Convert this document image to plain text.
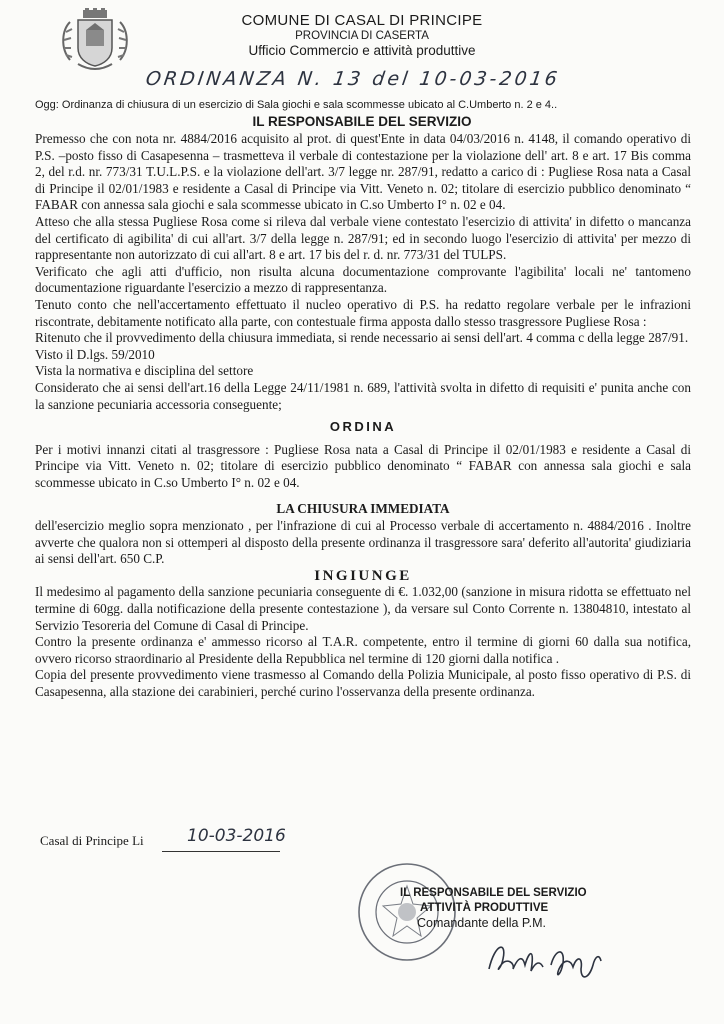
COMUNE DI CASAL DI PRINCIPE
PROVINCIA DI CASERTA
Ufficio Commercio e attività produttive
ORDINANZA N. 13 del 10-03-2016
Ogg: Ordinanza di chiusura di un esercizio di Sala giochi e sala scommesse ubicato al C.Umberto n. 2 e 4..
IL RESPONSABILE DEL SERVIZIO

Premesso che con nota nr. 4884/2016 acquisito al prot. di quest'Ente in data 04/03/2016 n. 4148, il comando operativo di P.S. –posto fisso di Casapesenna – trasmetteva il verbale di contestazione per la violazione dell' art. 8 e art. 17 Bis comma 2, del r.d. nr. 773/31 T.U.L.P.S. e la violazione dell'art. 3/7 legge nr. 287/91, redatto a carico di : Pugliese Rosa nata a Casal di Principe il 02/01/1983 e residente a Casal di Principe via Vitt. Veneto n. 02; titolare di esercizio pubblico denominato “ FABAR con annessa sala giochi e sala scommesse ubicato in C.so Umberto I° n. 02 e 04.

Atteso che alla stessa Pugliese Rosa come si rileva dal verbale viene contestato l'esercizio di attivita' in difetto o mancanza del certificato di agibilita' di cui all'art. 3/7 della legge n. 287/91; ed in secondo luogo l'esercizio di attivita' per mezzo di rappresentante non autorizzato di cui all'art. 8 e art. 17 bis del r. d. nr. 773/31 del TULPS.

Verificato che agli atti d'ufficio, non risulta alcuna documentazione comprovante l'agibilita' locali ne' tantomeno documentazione riguardante l'esercizio a mezzo di rappresentanza.

Tenuto conto che nell'accertamento effettuato il nucleo operativo di P.S. ha redatto regolare verbale per le infrazioni riscontrate, debitamente notificato alla parte, con contestuale firma apposta dallo stesso trasgressore Pugliese Rosa :

Ritenuto che il provvedimento della chiusura immediata, si rende necessario ai sensi dell'art. 4 comma c della legge 287/91.

Visto il D.lgs. 59/2010

Vista la normativa e disciplina del settore

Considerato che ai sensi dell'art.16 della Legge 24/11/1981 n. 689, l'attività svolta in difetto di requisiti e' punita anche con la sanzione pecuniaria accessoria conseguente;

ORDINA

Per i motivi innanzi citati al trasgressore : Pugliese Rosa nata a Casal di Principe il 02/01/1983 e residente a Casal di Principe via Vitt. Veneto n. 02; titolare di esercizio pubblico denominato “ FABAR con annessa sala giochi e sala scommesse ubicato in C.so Umberto I° n. 02 e 04.

LA CHIUSURA IMMEDIATA

dell'esercizio meglio sopra menzionato , per l'infrazione di cui al Processo verbale di accertamento n. 4884/2016 . Inoltre avverte che qualora non si ottemperi al disposto della presente ordinanza il trasgressore sara' deferito all'autorita' giudiziaria ai sensi dell'art. 650 C.P.

INGIUNGE

Il medesimo al pagamento della sanzione pecuniaria conseguente di €. 1.032,00 (sanzione in misura ridotta se effettuato nel termine di 60gg. dalla notificazione della presente contestazione ), da versare sul Conto Corrente n. 13804810, intestato al Servizio Tesoreria del Comune di Casal di Principe.

Contro la presente ordinanza e' ammesso ricorso al T.A.R. competente, entro il termine di giorni 60 dalla sua notifica, ovvero ricorso straordinario al Presidente della Repubblica nel termine di 120 giorni dalla notifica .

Copia del presente provvedimento viene trasmesso al Comando della Polizia Municipale, al posto fisso operativo di P.S. di Casapesenna, alla stazione dei carabinieri, perché curino l'osservanza della presente ordinanza.

Casal di Principe Li	10-03-2016
IL RESPONSABILE DEL SERVIZIO
ATTIVITÀ PRODUTTIVE
Comandante della P.M.
